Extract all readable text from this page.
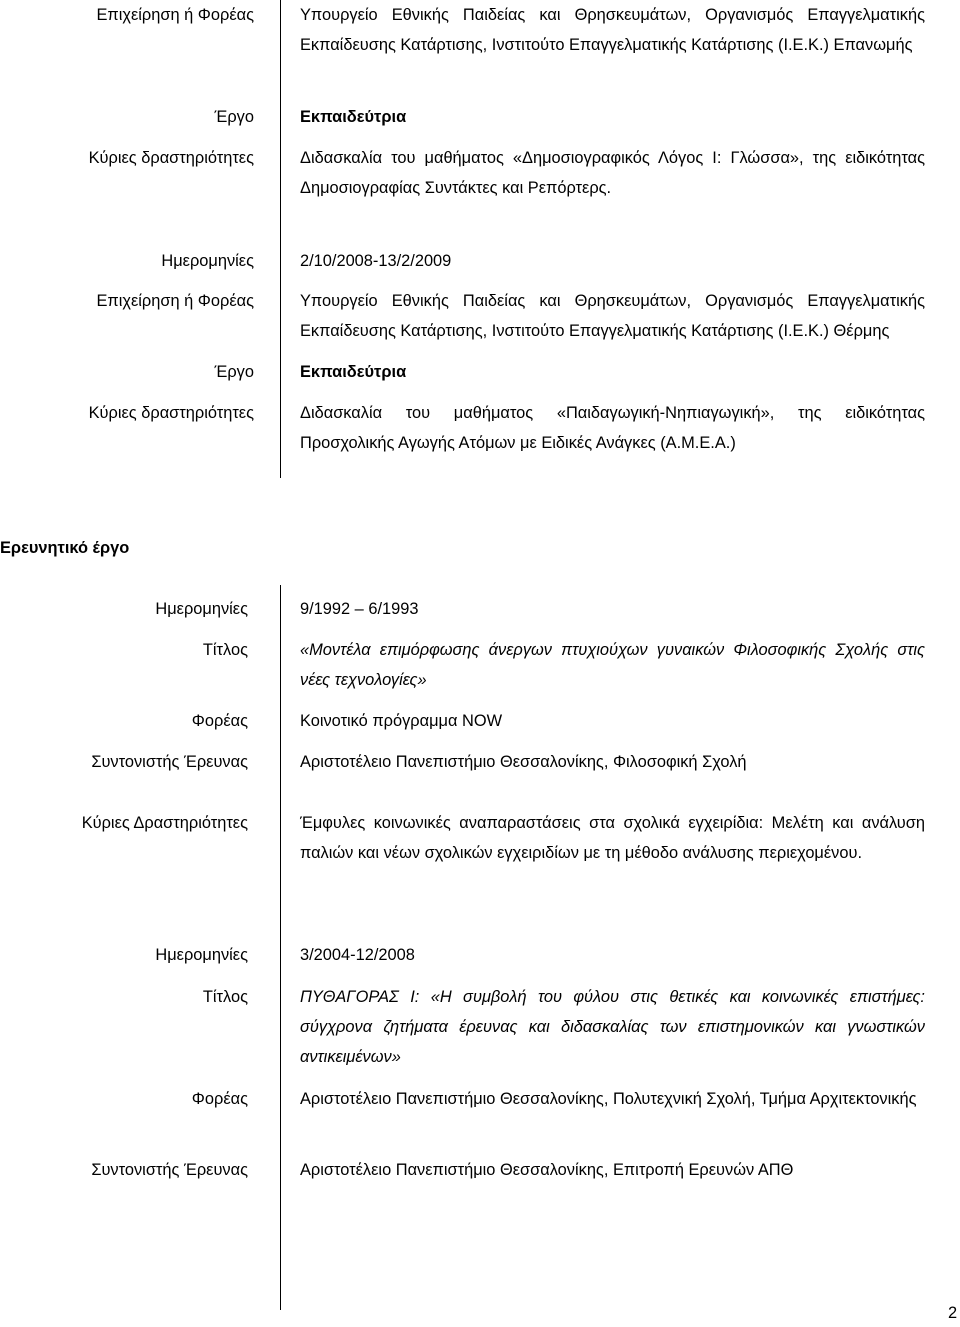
Επιχείρηση ή Φορέας	Υπουργείο Εθνικής Παιδείας και Θρησκευμάτων, Οργανισμός Επαγγελματικής Εκπαίδευσης Κατάρτισης, Ινστιτούτο Επαγγελματικής Κατάρτισης (Ι.Ε.Κ.) Επανωμής
Έργο	Εκπαιδεύτρια
Κύριες δραστηριότητες	Διδασκαλία του μαθήματος «Δημοσιογραφικός Λόγος Ι: Γλώσσα», της ειδικότητας Δημοσιογραφίας Συντάκτες και Ρεπόρτερς.
Ημερομηνίες	2/10/2008-13/2/2009
Επιχείρηση ή Φορέας	Υπουργείο Εθνικής Παιδείας και Θρησκευμάτων, Οργανισμός Επαγγελματικής Εκπαίδευσης Κατάρτισης, Ινστιτούτο Επαγγελματικής Κατάρτισης (Ι.Ε.Κ.) Θέρμης
Έργο	Εκπαιδεύτρια
Κύριες δραστηριότητες	Διδασκαλία του μαθήματος «Παιδαγωγική-Νηπιαγωγική», της ειδικότητας Προσχολικής Αγωγής Ατόμων με Ειδικές Ανάγκες (Α.Μ.Ε.Α.)
Ερευνητικό έργο
Ημερομηνίες	9/1992 – 6/1993
Τίτλος	«Μοντέλα επιμόρφωσης άνεργων πτυχιούχων γυναικών Φιλοσοφικής Σχολής στις νέες τεχνολογίες»
Φορέας	Κοινοτικό πρόγραμμα NOW
Συντονιστής Έρευνας	Αριστοτέλειο Πανεπιστήμιο Θεσσαλονίκης, Φιλοσοφική Σχολή
Κύριες Δραστηριότητες	Έμφυλες κοινωνικές αναπαραστάσεις στα σχολικά εγχειρίδια: Μελέτη και ανάλυση παλιών και νέων σχολικών εγχειριδίων με τη μέθοδο ανάλυσης περιεχομένου.
Ημερομηνίες	3/2004-12/2008
Τίτλος	ΠΥΘΑΓΟΡΑΣ Ι: «Η συμβολή του φύλου στις θετικές και κοινωνικές επιστήμες: σύγχρονα ζητήματα έρευνας και διδασκαλίας των επιστημονικών και γνωστικών αντικειμένων»
Φορέας	Αριστοτέλειο Πανεπιστήμιο Θεσσαλονίκης, Πολυτεχνική Σχολή, Τμήμα Αρχιτεκτονικής
Συντονιστής Έρευνας	Αριστοτέλειο Πανεπιστήμιο Θεσσαλονίκης, Επιτροπή Ερευνών ΑΠΘ
2
